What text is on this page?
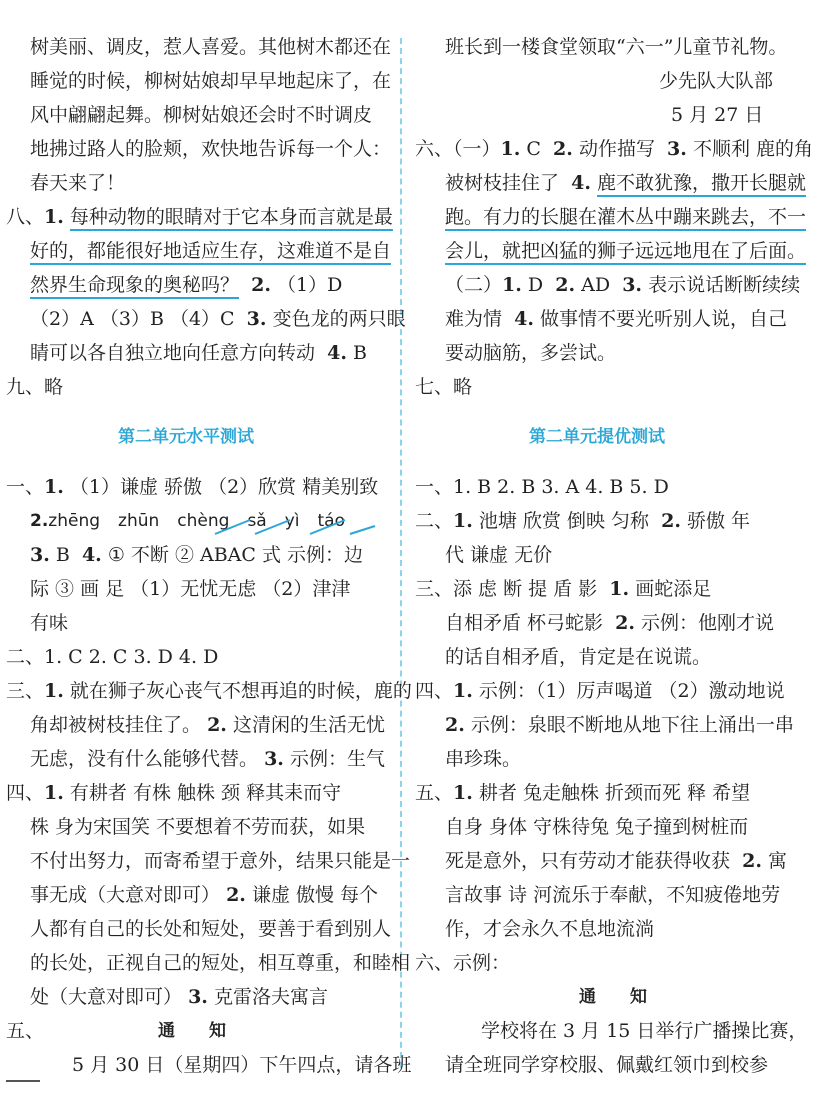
树美丽、调皮，惹人喜爱。其他树木都还在
睡觉的时候，柳树姑娘却早早地起床了，在
风中翩翩起舞。柳树姑娘还会时不时调皮
地拂过路人的脸颊，欢快地告诉每一个人：
春天来了！
八、1. 每种动物的眼睛对于它本身而言就是最
好的，都能很好地适应生存，这难道不是自
然界生命现象的奥秘吗？ 2. （1）D
（2）A （3）B （4）C 3. 变色龙的两只眼
睛可以各自独立地向任意方向转动 4. B
九、略
第二单元水平测试
一、1. （1）谦虚 骄傲 （2）欣赏 精美别致
2.zhēng zhūn chèng sǎ yì táo
3. B 4. ① 不断 ② ABAC 式 示例：边
际 ③ 画 足 （1）无忧无虑 （2）津津
有味
二、1. C 2. C 3. D 4. D
三、1. 就在狮子灰心丧气不想再追的时候，鹿的
角却被树枝挂住了。 2. 这清闲的生活无忧
无虑，没有什么能够代替。 3. 示例：生气
四、1. 有耕者 有株 触株 颈 释其耒而守
株 身为宋国笑 不要想着不劳而获，如果
不付出努力，而寄希望于意外，结果只能是一
事无成（大意对即可） 2. 谦虚 傲慢 每个
人都有自己的长处和短处，要善于看到别人
的长处，正视自己的短处，相互尊重，和睦相
处（大意对即可） 3. 克雷洛夫寓言
五、	通　　知
5 月 30 日（星期四）下午四点，请各班
班长到一楼食堂领取“六一”儿童节礼物。
少先队大队部
5 月 27 日
六、（一）1. C 2. 动作描写 3. 不顺利 鹿的角
被树枝挂住了 4. 鹿不敢犹豫，撒开长腿就
跑。有力的长腿在灌木丛中蹦来跳去，不一
会儿，就把凶猛的狮子远远地甩在了后面。
（二）1. D 2. AD 3. 表示说话断断续续
难为情 4. 做事情不要光听别人说，自己
要动脑筋，多尝试。
七、略
第二单元提优测试
一、1. B 2. B 3. A 4. B 5. D
二、1. 池塘 欣赏 倒映 匀称 2. 骄傲 年
代 谦虚 无价
三、添 虑 断 提 盾 影 1. 画蛇添足
自相矛盾 杯弓蛇影 2. 示例：他刚才说
的话自相矛盾，肯定是在说谎。
四、1. 示例：（1）厉声喝道 （2）激动地说
2. 示例：泉眼不断地从地下往上涌出一串
串珍珠。
五、1. 耕者 兔走触株 折颈而死 释 希望
自身 身体 守株待兔 兔子撞到树桩而
死是意外，只有劳动才能获得收获 2. 寓
言故事 诗 河流乐于奉献，不知疲倦地劳
作，才会永久不息地流淌
六、示例：
通　　知
学校将在 3 月 15 日举行广播操比赛，
请全班同学穿校服、佩戴红领巾到校参
